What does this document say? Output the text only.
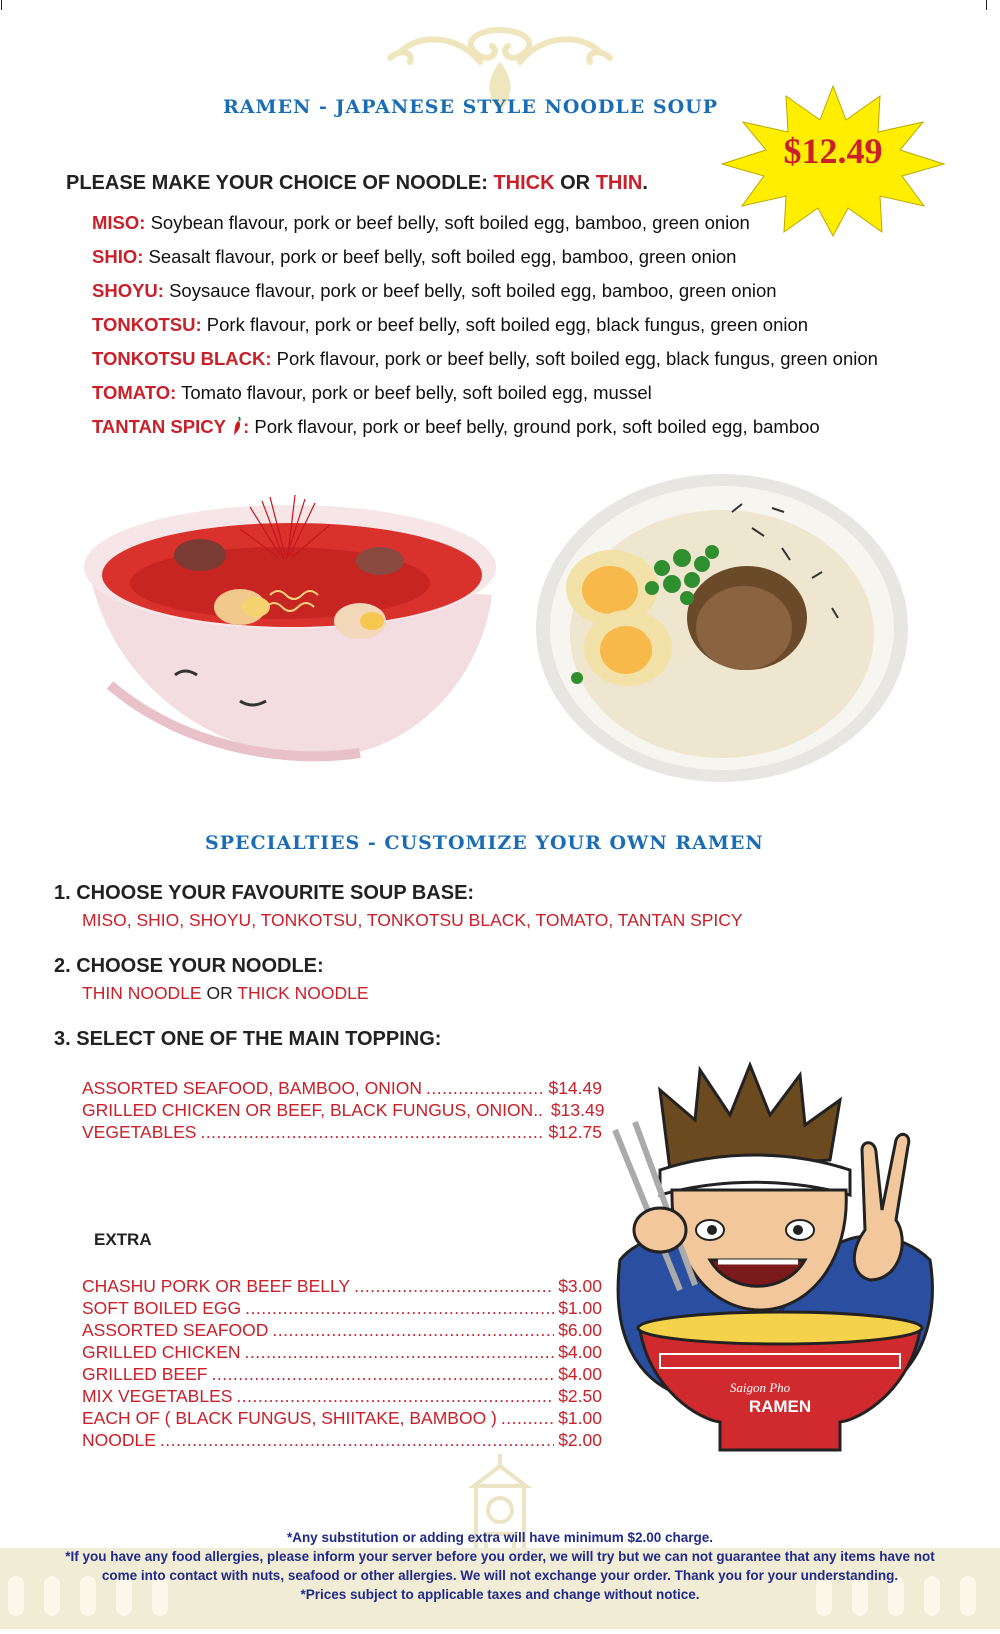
RAMEN - JAPANESE STYLE NOODLE SOUP
$12.49
PLEASE MAKE YOUR CHOICE OF NOODLE: THICK OR THIN.
MISO: Soybean flavour, pork or beef belly, soft boiled egg, bamboo, green onion
SHIO: Seasalt flavour, pork or beef belly, soft boiled egg, bamboo, green onion
SHOYU: Soysauce flavour, pork or beef belly, soft boiled egg, bamboo, green onion
TONKOTSU: Pork flavour, pork or beef belly, soft boiled egg, black fungus, green onion
TONKOTSU BLACK: Pork flavour, pork or beef belly, soft boiled egg, black fungus, green onion
TOMATO: Tomato flavour, pork or beef belly, soft boiled egg, mussel
TANTAN SPICY : Pork flavour, pork or beef belly, ground pork, soft boiled egg, bamboo
SPECIALTIES - CUSTOMIZE YOUR OWN RAMEN
1. CHOOSE YOUR FAVOURITE SOUP BASE:
MISO, SHIO, SHOYU, TONKOTSU, TONKOTSU BLACK, TOMATO, TANTAN SPICY
2. CHOOSE YOUR NOODLE:
THIN NOODLE OR THICK NOODLE
3. SELECT ONE OF THE MAIN TOPPING:
ASSORTED SEAFOOD, BAMBOO, ONION .....	$14.49
GRILLED CHICKEN OR BEEF, BLACK FUNGUS, ONION.. $13.49
VEGETABLES .....	$12.75
EXTRA
CHASHU PORK OR BEEF BELLY .....	$3.00
SOFT BOILED EGG .....	$1.00
ASSORTED SEAFOOD .....	$6.00
GRILLED CHICKEN .....	$4.00
GRILLED BEEF .....	$4.00
MIX VEGETABLES .....	$2.50
EACH OF ( BLACK FUNGUS, SHIITAKE, BAMBOO ) .....	$1.00
NOODLE .....	$2.00
RAMEN
Saigon Pho
*Any substitution or adding extra will have minimum $2.00 charge.
*If you have any food allergies, please inform your server before you order, we will try but we can not guarantee that any items have not
come into contact with nuts, seafood or other allergies. We will not exchange your order. Thank you for your understanding.
*Prices subject to applicable taxes and change without notice.
